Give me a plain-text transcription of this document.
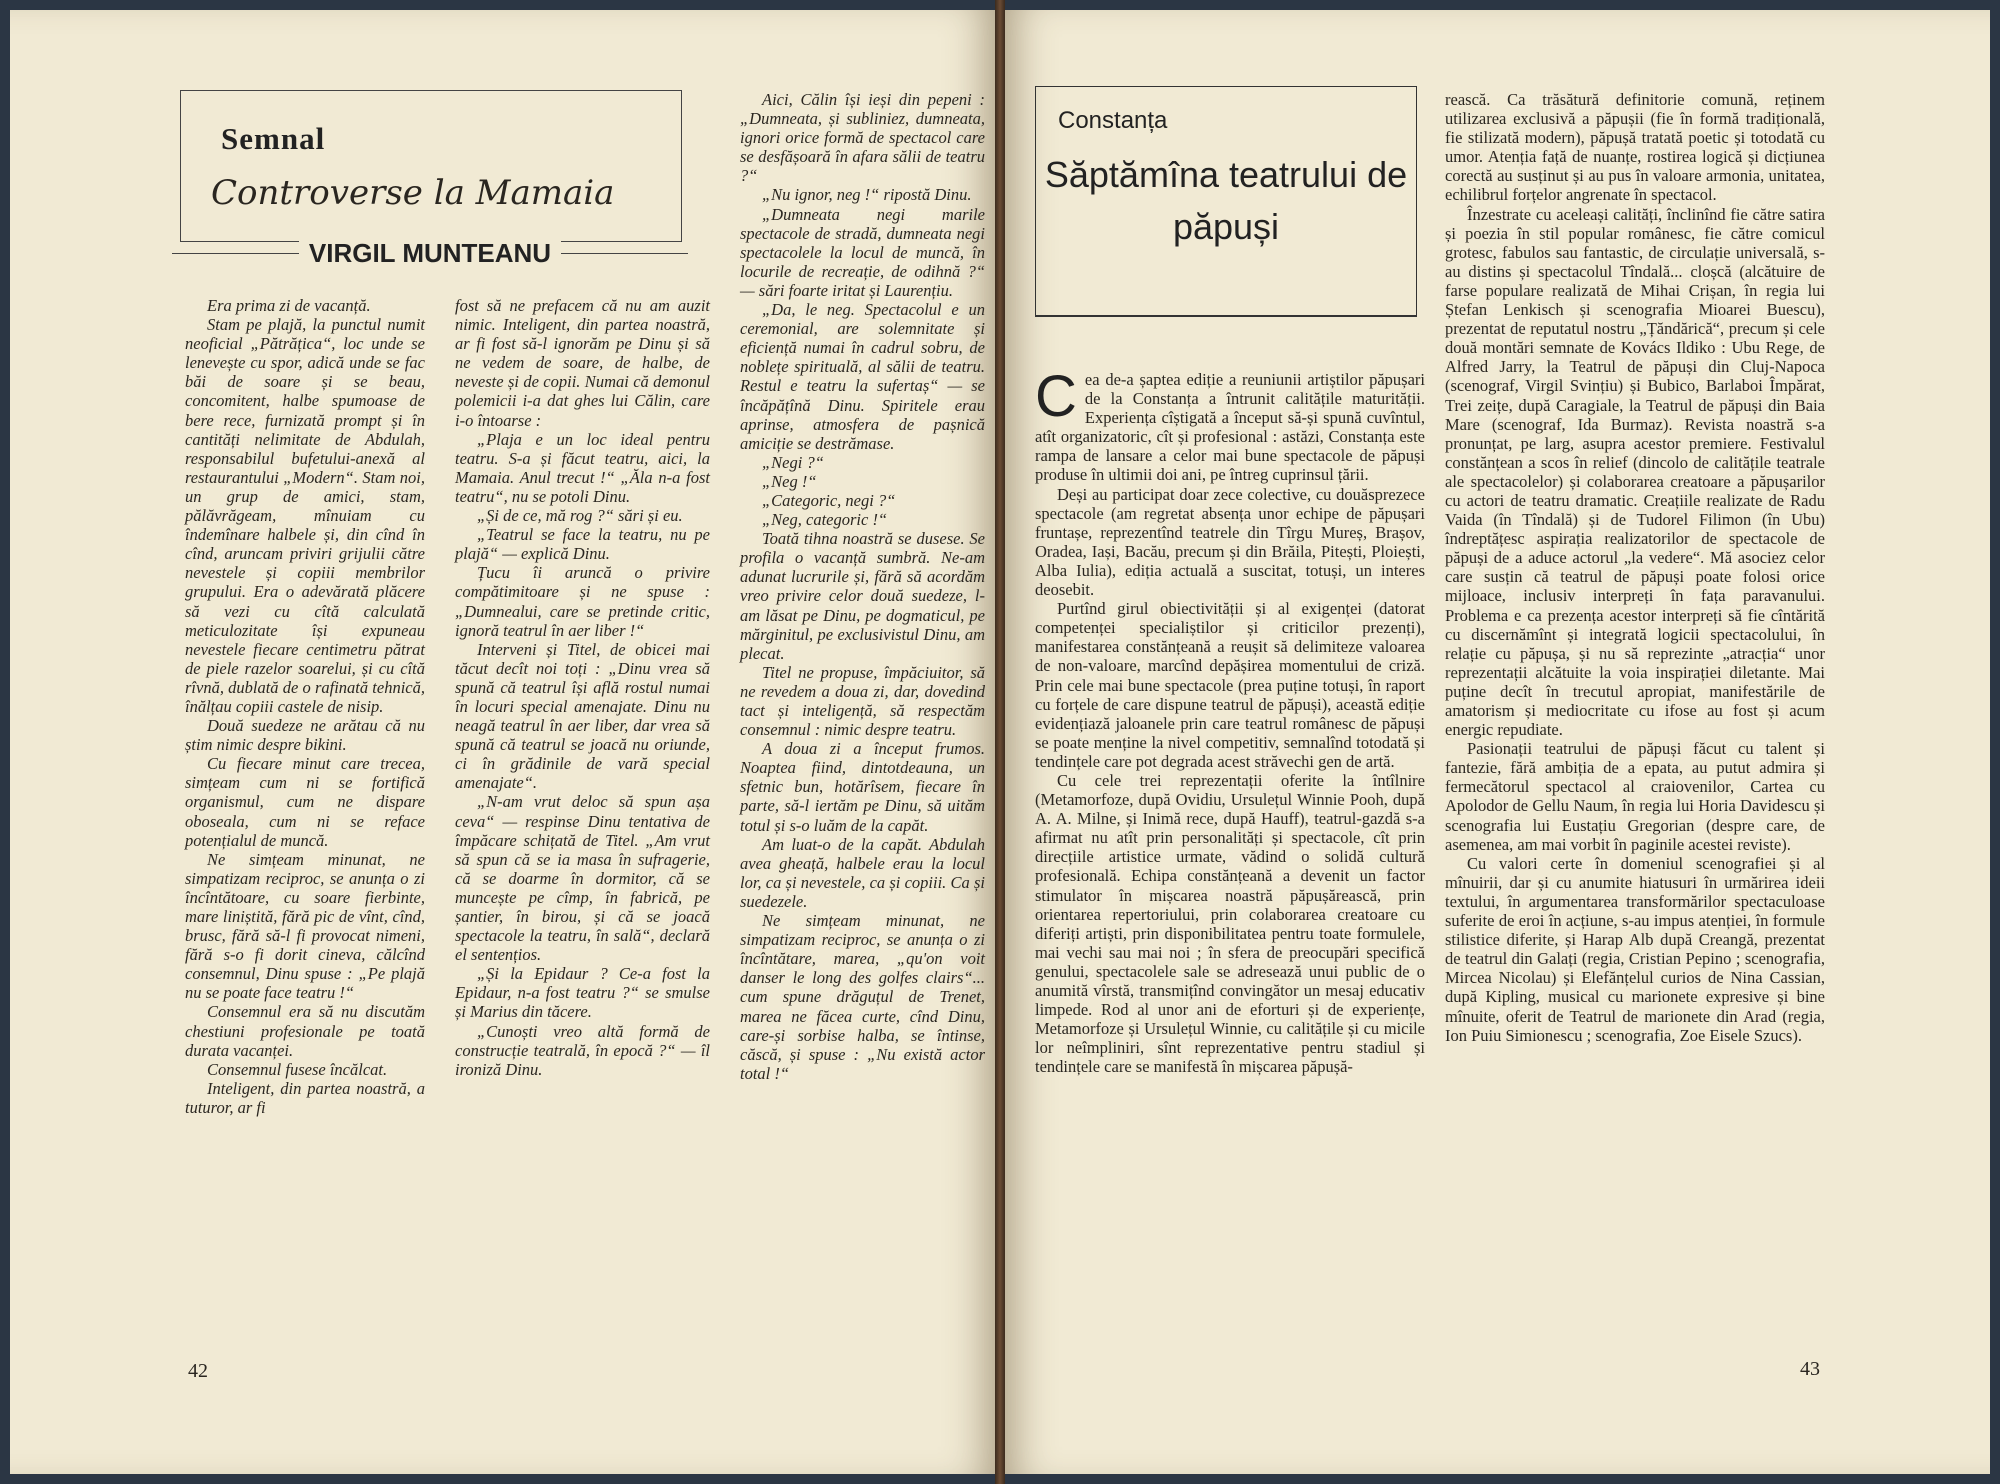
Semnal
Controverse la Mamaia
VIRGIL MUNTEANU

Era prima zi de vacanță.

Stam pe plajă, la punctul numit neoficial „Pătrățica“, loc unde se lenevește cu spor, adică unde se fac băi de soare și se beau, concomitent, halbe spumoase de bere rece, furnizată prompt și în cantități nelimitate de Abdulah, responsabilul bufetului-anexă al restaurantului „Modern“. Stam noi, un grup de amici, stam, pălăvrăgeam, mînuiam cu îndemînare halbele și, din cînd în cînd, aruncam priviri grijulii către nevestele și copiii membrilor grupului. Era o adevărată plăcere să vezi cu cîtă calculată meticulozitate își expuneau nevestele fiecare centimetru pătrat de piele razelor soarelui, și cu cîtă rîvnă, dublată de o rafinată tehnică, înălțau copiii castele de nisip.

Două suedeze ne arătau că nu știm nimic despre bikini.

Cu fiecare minut care trecea, simțeam cum ni se fortifică organismul, cum ne dispare oboseala, cum ni se reface potențialul de muncă.

Ne simțeam minunat, ne simpatizam reciproc, se anunța o zi încîntătoare, cu soare fierbinte, mare liniștită, fără pic de vînt, cînd, brusc, fără să-l fi provocat nimeni, fără s-o fi dorit cineva, călcînd consemnul, Dinu spuse : „Pe plajă nu se poate face teatru !“

Consemnul era să nu discutăm chestiuni profesionale pe toată durata vacanței.

Consemnul fusese încălcat.

Inteligent, din partea noastră, a tuturor, ar fi

fost să ne prefacem că nu am auzit nimic. Inteligent, din partea noastră, ar fi fost să-l ignorăm pe Dinu și să ne vedem de soare, de halbe, de neveste și de copii. Numai că demonul polemicii i-a dat ghes lui Călin, care i-o întoarse :

„Plaja e un loc ideal pentru teatru. S-a și făcut teatru, aici, la Mamaia. Anul trecut !“ „Ăla n-a fost teatru“, nu se potoli Dinu.

„Și de ce, mă rog ?“ sări și eu.

„Teatrul se face la teatru, nu pe plajă“ — explică Dinu.

Țucu îi aruncă o privire compătimitoare și ne spuse : „Dumnealui, care se pretinde critic, ignoră teatrul în aer liber !“

Interveni și Titel, de obicei mai tăcut decît noi toți : „Dinu vrea să spună că teatrul își află rostul numai în locuri special amenajate. Dinu nu neagă teatrul în aer liber, dar vrea să spună că teatrul se joacă nu oriunde, ci în grădinile de vară special amenajate“.

„N-am vrut deloc să spun așa ceva“ — respinse Dinu tentativa de împăcare schițată de Titel. „Am vrut să spun că se ia masa în sufragerie, că se doarme în dormitor, că se muncește pe cîmp, în fabrică, pe șantier, în birou, și că se joacă spectacole la teatru, în sală“, declară el sentențios.

„Și la Epidaur ? Ce-a fost la Epidaur, n-a fost teatru ?“ se smulse și Marius din tăcere.

„Cunoști vreo altă formă de construcție teatrală, în epocă ?“ — îl ironiză Dinu.

Aici, Călin își ieși din pepeni : „Dumneata, și subliniez, dumneata, ignori orice formă de spectacol care se desfășoară în afara sălii de teatru ?“

„Nu ignor, neg !“ ripostă Dinu.

„Dumneata negi marile spectacole de stradă, dumneata negi spectacolele la locul de muncă, în locurile de recreație, de odihnă ?“ — sări foarte iritat și Laurențiu.

„Da, le neg. Spectacolul e un ceremonial, are solemnitate și eficiență numai în cadrul sobru, de noblețe spirituală, al sălii de teatru. Restul e teatru la sufertaș“ — se încăpățînă Dinu. Spiritele erau aprinse, atmosfera de pașnică amiciție se destrămase.

„Negi ?“

„Neg !“

„Categoric, negi ?“

„Neg, categoric !“

Toată tihna noastră se dusese. Se profila o vacanță sumbră. Ne-am adunat lucrurile și, fără să acordăm vreo privire celor două suedeze, l-am lăsat pe Dinu, pe dogmaticul, pe mărginitul, pe exclusivistul Dinu, am plecat.

Titel ne propuse, împăciuitor, să ne revedem a doua zi, dar, dovedind tact și inteligență, să respectăm consemnul : nimic despre teatru.

A doua zi a început frumos. Noaptea fiind, dintotdeauna, un sfetnic bun, hotărîsem, fiecare în parte, să-l iertăm pe Dinu, să uităm totul și s-o luăm de la capăt.

Am luat-o de la capăt. Abdulah avea gheață, halbele erau la locul lor, ca și nevestele, ca și copiii. Ca și suedezele.

Ne simțeam minunat, ne simpatizam reciproc, se anunța o zi încîntătare, marea, „qu'on voit danser le long des golfes clairs“... cum spune drăguțul de Trenet, marea ne făcea curte, cînd Dinu, care-și sorbise halba, se întinse, căscă, și spuse : „Nu există actor total !“

42
Constanța
Săptămîna teatrului de păpuși

Cea de-a șaptea ediție a reuniunii artiștilor păpușari de la Constanța a întrunit calitățile maturității. Experiența cîștigată a început să-și spună cuvîntul, atît organizatoric, cît și profesional : astăzi, Constanța este rampa de lansare a celor mai bune spectacole de păpuși produse în ultimii doi ani, pe întreg cuprinsul țării.

Deși au participat doar zece colective, cu douăsprezece spectacole (am regretat absența unor echipe de păpușari fruntașe, reprezentînd teatrele din Tîrgu Mureș, Brașov, Oradea, Iași, Bacău, precum și din Brăila, Pitești, Ploiești, Alba Iulia), ediția actuală a suscitat, totuși, un interes deosebit.

Purtînd girul obiectivității și al exigenței (datorat competenței specialiștilor și criticilor prezenți), manifestarea constănțeană a reușit să delimiteze valoarea de non-valoare, marcînd depășirea momentului de criză. Prin cele mai bune spectacole (prea puține totuși, în raport cu forțele de care dispune teatrul de păpuși), această ediție evidențiază jaloanele prin care teatrul românesc de păpuși se poate menține la nivel competitiv, semnalînd totodată și tendințele care pot degrada acest străvechi gen de artă.

Cu cele trei reprezentații oferite la întîlnire (Metamorfoze, după Ovidiu, Ursulețul Winnie Pooh, după A. A. Milne, și Inimă rece, după Hauff), teatrul-gazdă s-a afirmat nu atît prin personalități și spectacole, cît prin direcțiile artistice urmate, vădind o solidă cultură profesională. Echipa constănțeană a devenit un factor stimulator în mișcarea noastră păpușărească, prin orientarea repertoriului, prin colaborarea creatoare cu diferiți artiști, prin disponibilitatea pentru toate formulele, mai vechi sau mai noi ; în sfera de preocupări specifică genului, spectacolele sale se adresează unui public de o anumită vîrstă, transmițînd convingător un mesaj educativ limpede. Rod al unor ani de eforturi și de experiențe, Metamorfoze și Ursulețul Winnie, cu calitățile și cu micile lor neîmpliniri, sînt reprezentative pentru stadiul și tendințele care se manifestă în mișcarea păpușă-

rească. Ca trăsătură definitorie comună, reținem utilizarea exclusivă a păpușii (fie în formă tradițională, fie stilizată modern), păpușă tratată poetic și totodată cu umor. Atenția față de nuanțe, rostirea logică și dicțiunea corectă au susținut și au pus în valoare armonia, unitatea, echilibrul forțelor angrenate în spectacol.

Înzestrate cu aceleași calități, înclinînd fie către satira și poezia în stil popular românesc, fie către comicul grotesc, fabulos sau fantastic, de circulație universală, s-au distins și spectacolul Tîndală... cloșcă (alcătuire de farse populare realizată de Mihai Crișan, în regia lui Ștefan Lenkisch și scenografia Mioarei Buescu), prezentat de reputatul nostru „Țăndărică“, precum și cele două montări semnate de Kovács Ildiko : Ubu Rege, de Alfred Jarry, la Teatrul de păpuși din Cluj-Napoca (scenograf, Virgil Svințiu) și Bubico, Barlaboi Împărat, Trei zeițe, după Caragiale, la Teatrul de păpuși din Baia Mare (scenograf, Ida Burmaz). Revista noastră s-a pronunțat, pe larg, asupra acestor premiere. Festivalul constănțean a scos în relief (dincolo de calitățile teatrale ale spectacolelor) și colaborarea creatoare a păpușarilor cu actori de teatru dramatic. Creațiile realizate de Radu Vaida (în Tîndală) și de Tudorel Filimon (în Ubu) îndreptățesc aspirația realizatorilor de spectacole de păpuși de a aduce actorul „la vedere“. Mă asociez celor care susțin că teatrul de păpuși poate folosi orice mijloace, inclusiv interpreți în fața paravanului. Problema e ca prezența acestor interpreți să fie cîntărită cu discernămînt și integrată logicii spectacolului, în relație cu păpușa, și nu să reprezinte „atracția“ unor reprezentații alcătuite la voia inspirației diletante. Mai puține decît în trecutul apropiat, manifestările de amatorism și mediocritate cu ifose au fost și acum energic repudiate.

Pasionații teatrului de păpuși făcut cu talent și fantezie, fără ambiția de a epata, au putut admira și fermecătorul spectacol al craiovenilor, Cartea cu Apolodor de Gellu Naum, în regia lui Horia Davidescu și scenografia lui Eustațiu Gregorian (despre care, de asemenea, am mai vorbit în paginile acestei reviste).

Cu valori certe în domeniul scenografiei și al mînuirii, dar și cu anumite hiatusuri în urmărirea ideii textului, în argumentarea transformărilor spectaculoase suferite de eroi în acțiune, s-au impus atenției, în formule stilistice diferite, și Harap Alb după Creangă, prezentat de teatrul din Galați (regia, Cristian Pepino ; scenografia, Mircea Nicolau) și Elefănțelul curios de Nina Cassian, după Kipling, musical cu marionete expresive și bine mînuite, oferit de Teatrul de marionete din Arad (regia, Ion Puiu Simionescu ; scenografia, Zoe Eisele Szucs).

43
